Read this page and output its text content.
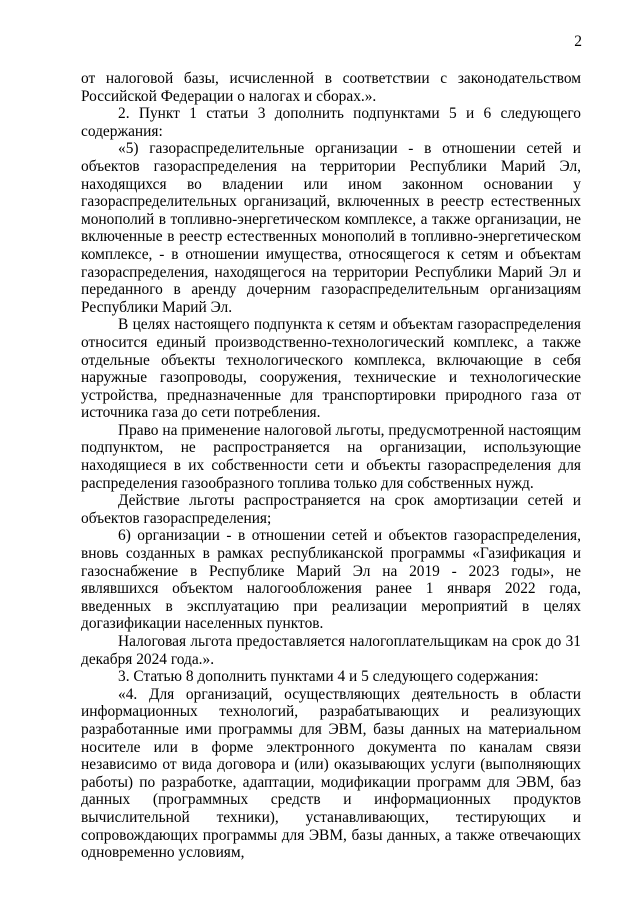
2

от налоговой базы, исчисленной в соответствии с законодательством Российской Федерации о налогах и сборах.».

2. Пункт 1 статьи 3 дополнить подпунктами 5 и 6 следующего содержания:

«5) газораспределительные организации - в отношении сетей и объектов газораспределения на территории Республики Марий Эл, находящихся во владении или ином законном основании у газораспределительных организаций, включенных в реестр естественных монополий в топливно-энергетическом комплексе, а также организации, не включенные в реестр естественных монополий в топливно-энергетическом комплексе, - в отношении имущества, относящегося к сетям и объектам газораспределения, находящегося на территории Республики Марий Эл и переданного в аренду дочерним газораспределительным организациям Республики Марий Эл.

В целях настоящего подпункта к сетям и объектам газораспределения относится единый производственно-технологический комплекс, а также отдельные объекты технологического комплекса, включающие в себя наружные газопроводы, сооружения, технические и технологические устройства, предназначенные для транспортировки природного газа от источника газа до сети потребления.

Право на применение налоговой льготы, предусмотренной настоящим подпунктом, не распространяется на организации, использующие находящиеся в их собственности сети и объекты газораспределения для распределения газообразного топлива только для собственных нужд.

Действие льготы распространяется на срок амортизации сетей и объектов газораспределения;

6) организации - в отношении сетей и объектов газораспределения, вновь созданных в рамках республиканской программы «Газификация и газоснабжение в Республике Марий Эл на 2019 - 2023 годы», не являвшихся объектом налогообложения ранее 1 января 2022 года, введенных в эксплуатацию при реализации мероприятий в целях догазификации населенных пунктов.

Налоговая льгота предоставляется налогоплательщикам на срок до 31 декабря 2024 года.».

3. Статью 8 дополнить пунктами 4 и 5 следующего содержания:

«4. Для организаций, осуществляющих деятельность в области информационных технологий, разрабатывающих и реализующих разработанные ими программы для ЭВМ, базы данных на материальном носителе или в форме электронного документа по каналам связи независимо от вида договора и (или) оказывающих услуги (выполняющих работы) по разработке, адаптации, модификации программ для ЭВМ, баз данных (программных средств и информационных продуктов вычислительной техники), устанавливающих, тестирующих и сопровождающих программы для ЭВМ, базы данных, а также отвечающих одновременно условиям,
